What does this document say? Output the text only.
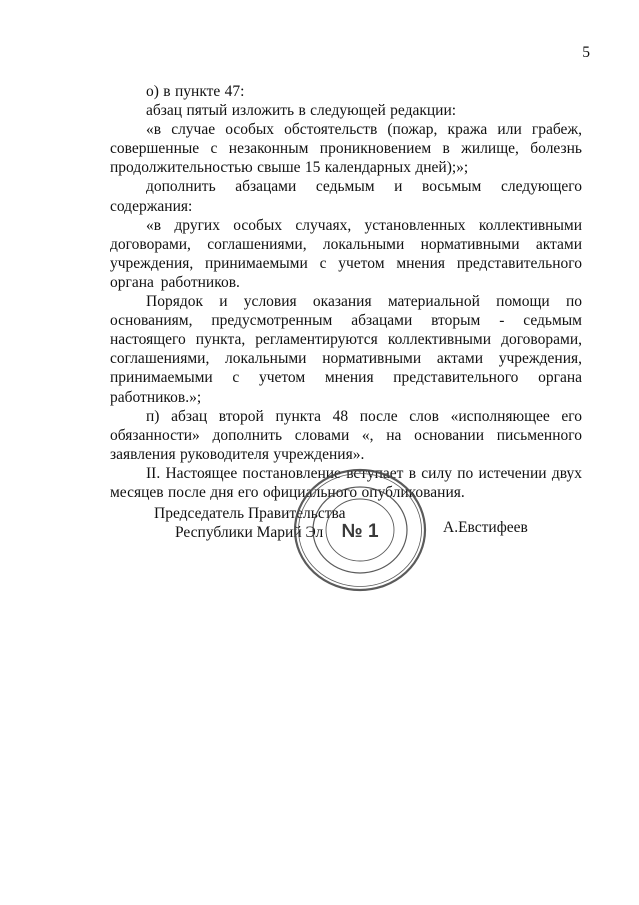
5

о) в пункте 47:

абзац пятый изложить в следующей редакции:

«в случае особых обстоятельств (пожар, кража или грабеж, совершенные с незаконным проникновением в жилище, болезнь продолжительностью свыше 15 календарных дней);»;

дополнить абзацами седьмым и восьмым следующего содержания:

«в других особых случаях, установленных коллективными договорами, соглашениями, локальными нормативными актами учреждения, принимаемыми с учетом мнения представительного органа работников.

Порядок и условия оказания материальной помощи по основаниям, предусмотренным абзацами вторым - седьмым настоящего пункта, регламентируются коллективными договорами, соглашениями, локальными нормативными актами учреждения, принимаемыми с учетом мнения представительного органа работников.»;

п) абзац второй пункта 48 после слов «исполняющее его обязанности» дополнить словами «, на основании письменного заявления руководителя учреждения».

II. Настоящее постановление вступает в силу по истечении двух месяцев после дня его официального опубликования.

Председатель Правительства
Республики Марий Эл № 1	А.Евстифеев
